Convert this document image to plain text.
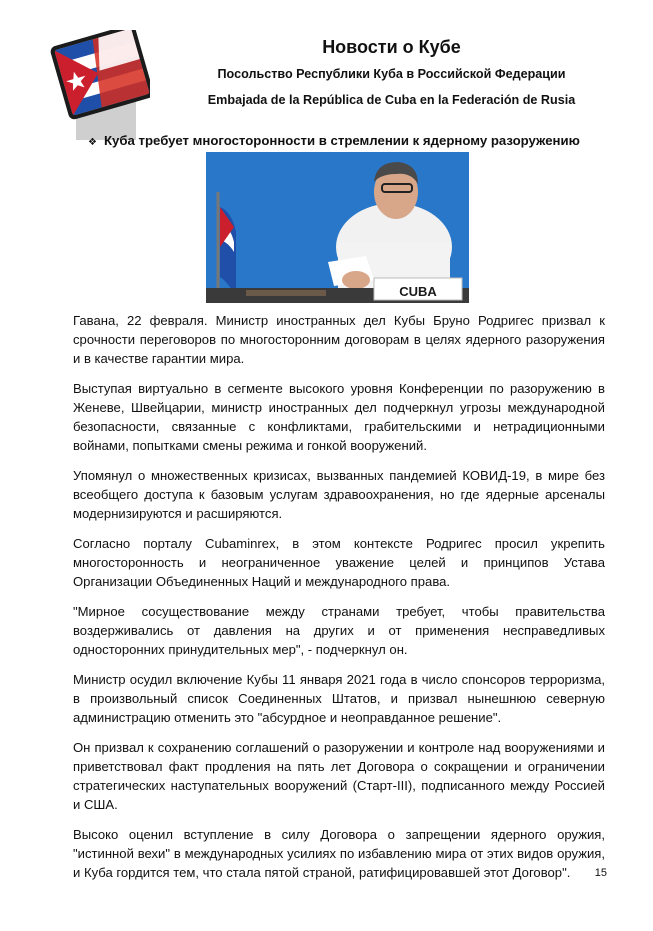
Новости о Кубе
Посольство Республики Куба в Российской Федерации
Embajada de la República de Cuba en la Federación de Rusia
❖ Куба требует многосторонности в стремлении к ядерному разоружению
CUBA

Гавана, 22 февраля. Министр иностранных дел Кубы Бруно Родригес призвал к срочности переговоров по многосторонним договорам в целях ядерного разоружения и в качестве гарантии мира.

Выступая виртуально в сегменте высокого уровня Конференции по разоружению в Женеве, Швейцарии, министр иностранных дел подчеркнул угрозы международной безопасности, связанные с конфликтами, грабительскими и нетрадиционными войнами, попытками смены режима и гонкой вооружений.

Упомянул о множественных кризисах, вызванных пандемией КОВИД-19, в мире без всеобщего доступа к базовым услугам здравоохранения, но где ядерные арсеналы модернизируются и расширяются.

Согласно порталу Cubaminrex, в этом контексте Родригес просил укрепить многосторонность и неограниченное уважение целей и принципов Устава Организации Объединенных Наций и международного права.

"Мирное сосуществование между странами требует, чтобы правительства воздерживались от давления на других и от применения несправедливых односторонних принудительных мер", - подчеркнул он.

Министр осудил включение Кубы 11 января 2021 года в число спонсоров терроризма, в произвольный список Соединенных Штатов, и призвал нынешнюю северную администрацию отменить это "абсурдное и неоправданное решение".

Он призвал к сохранению соглашений о разоружении и контроле над вооружениями и приветствовал факт продления на пять лет Договора о сокращении и ограничении стратегических наступательных вооружений (Старт-III), подписанного между Россией и США.

Высоко оценил вступление в силу Договора о запрещении ядерного оружия, "истинной вехи" в международных усилиях по избавлению мира от этих видов оружия, и Куба гордится тем, что стала пятой страной, ратифицировавшей этот Договор".	15
